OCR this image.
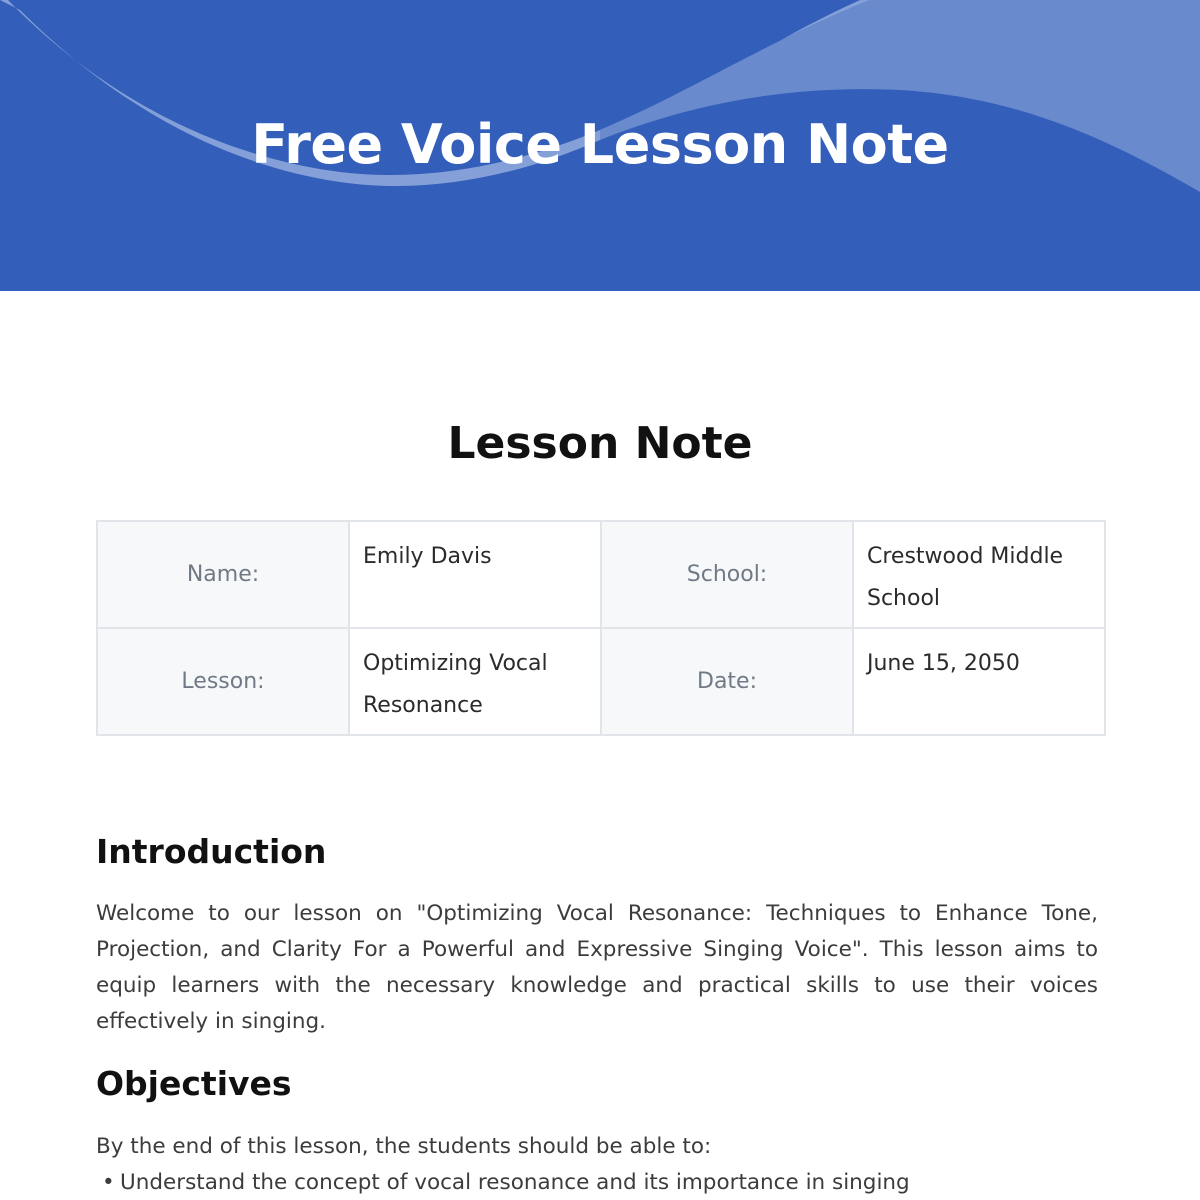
Free Voice Lesson Note
Lesson Note
Name:	Emily Davis	School:	Crestwood Middle School
Lesson:	Optimizing Vocal Resonance	Date:	June 15, 2050
Introduction

Welcome to our lesson on "Optimizing Vocal Resonance: Techniques to Enhance Tone, Projection, and Clarity For a Powerful and Expressive Singing Voice". This lesson aims to equip learners with the necessary knowledge and practical skills to use their voices effectively in singing.

Objectives

By the end of this lesson, the students should be able to:

• Understand the concept of vocal resonance and its importance in singing
